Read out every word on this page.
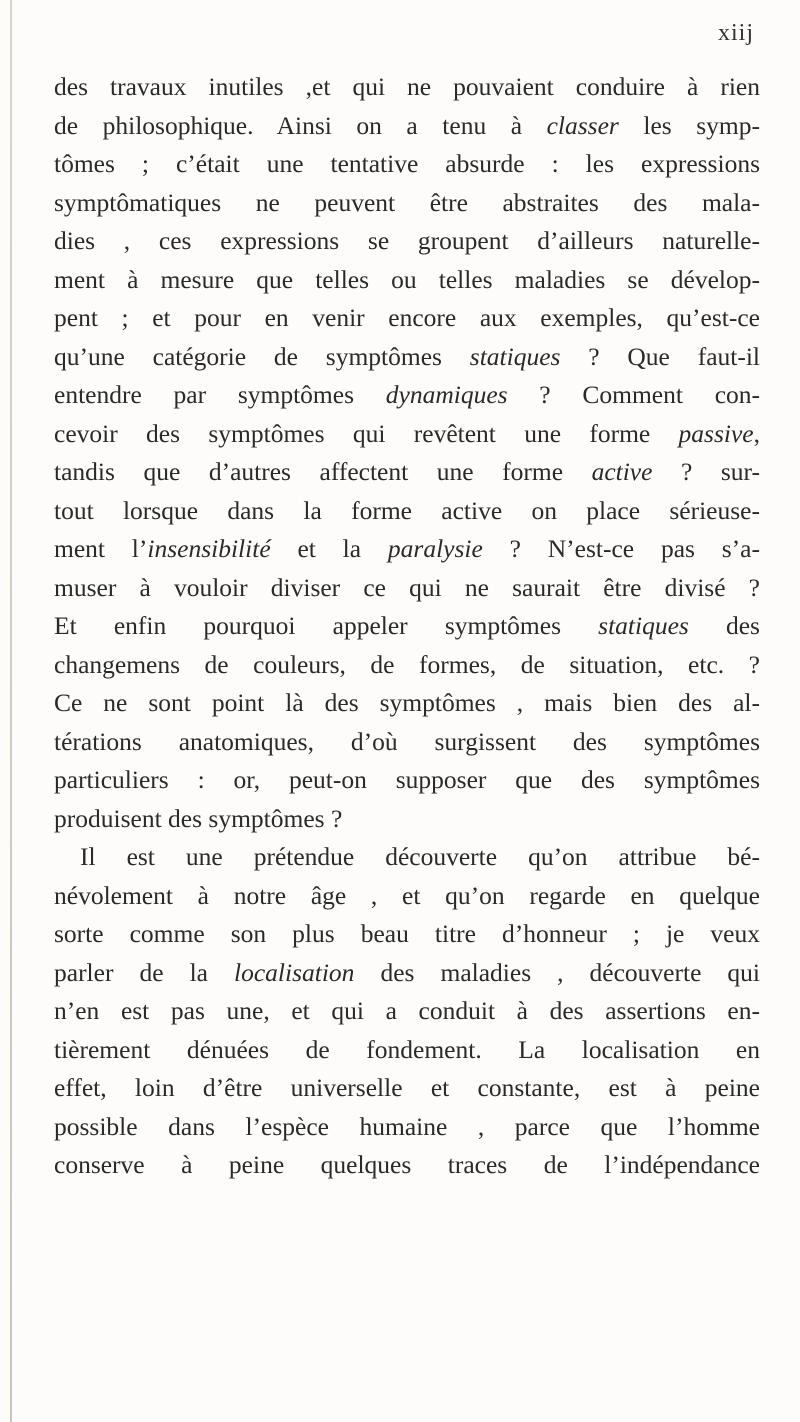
xiij
des travaux inutiles ,et qui ne pouvaient conduire à rien
de philosophique. Ainsi on a tenu à classer les symp-
tômes ; c’était une tentative absurde : les expressions
symptômatiques ne peuvent être abstraites des mala-
dies , ces expressions se groupent d’ailleurs naturelle-
ment à mesure que telles ou telles maladies se dévelop-
pent ; et pour en venir encore aux exemples, qu’est-ce
qu’une catégorie de symptômes statiques ? Que faut-il
entendre par symptômes dynamiques ? Comment con-
cevoir des symptômes qui revêtent une forme passive,
tandis que d’autres affectent une forme active ? sur-
tout lorsque dans la forme active on place sérieuse-
ment l’insensibilité et la paralysie ? N’est-ce pas s’a-
muser à vouloir diviser ce qui ne saurait être divisé ?
Et enfin pourquoi appeler symptômes statiques des
changemens de couleurs, de formes, de situation, etc. ?
Ce ne sont point là des symptômes , mais bien des al-
térations anatomiques, d’où surgissent des symptômes
particuliers : or, peut-on supposer que des symptômes
produisent des symptômes ?
Il est une prétendue découverte qu’on attribue bé-
névolement à notre âge , et qu’on regarde en quelque
sorte comme son plus beau titre d’honneur ; je veux
parler de la localisation des maladies , découverte qui
n’en est pas une, et qui a conduit à des assertions en-
tièrement dénuées de fondement. La localisation en
effet, loin d’être universelle et constante, est à peine
possible dans l’espèce humaine , parce que l’homme
conserve à peine quelques traces de l’indépendance
